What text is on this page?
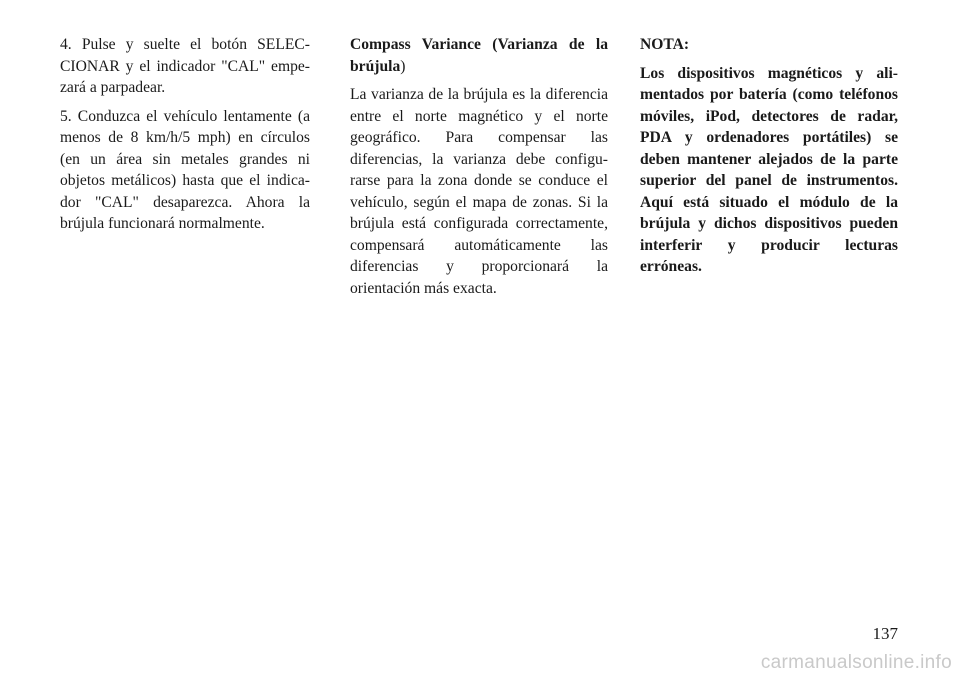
4. Pulse y suelte el botón SELECCIONAR y el indicador "CAL" empezará a parpadear.

5. Conduzca el vehículo lentamente (a menos de 8 km/h/5 mph) en círculos (en un área sin metales grandes ni objetos metálicos) hasta que el indicador "CAL" desaparezca. Ahora la brújula funcionará normalmente.

Compass Variance (Varianza de la brújula)

La varianza de la brújula es la diferencia entre el norte magnético y el norte geográfico. Para compensar las diferencias, la varianza debe configurarse para la zona donde se conduce el vehículo, según el mapa de zonas. Si la brújula está configurada correctamente, compensará automáticamente las diferencias y proporcionará la orientación más exacta.

NOTA:

Los dispositivos magnéticos y alimentados por batería (como teléfonos móviles, iPod, detectores de radar, PDA y ordenadores portátiles) se deben mantener alejados de la parte superior del panel de instrumentos. Aquí está situado el módulo de la brújula y dichos dispositivos pueden interferir y producir lecturas erróneas.

137
carmanualsonline.info
